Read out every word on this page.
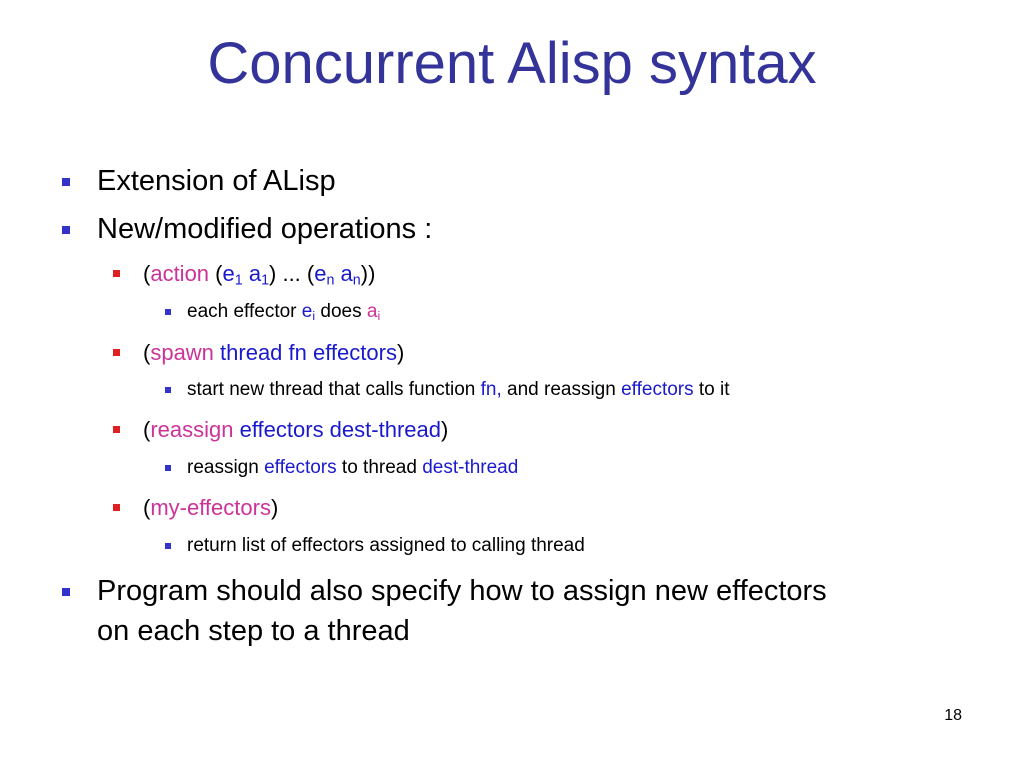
Concurrent Alisp syntax
Extension of ALisp
New/modified operations :
(action ($e_1$ $a_1$) ... ($e_n$ $a_n$))
each effector $e_i$ does $a_i$
(spawn thread fn effectors)
start new thread that calls function fn, and reassign effectors to it
(reassign effectors dest-thread)
reassign effectors to thread dest-thread
(my-effectors)
return list of effectors assigned to calling thread
Program should also specify how to assign new effectors
on each step to a thread
18
